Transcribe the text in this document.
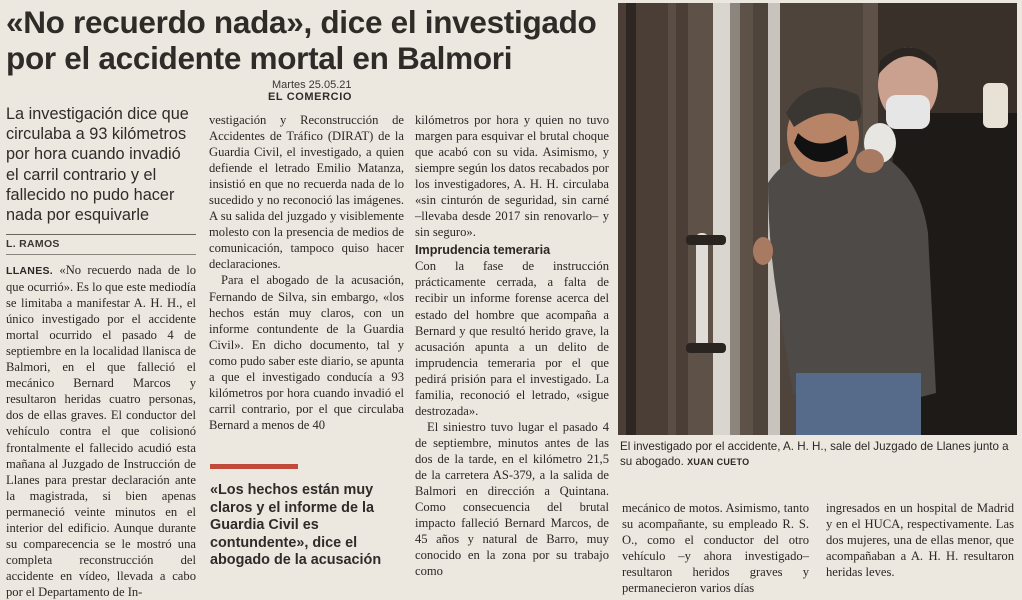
«No recuerdo nada», dice el investigado
por el accidente mortal en Balmori
Martes 25.05.21
EL COMERCIO

La investigación dice que circulaba a 93 kilómetros por hora cuando invadió el carril contrario y el fallecido no pudo hacer nada por esquivarle

L. RAMOS

LLANES. «No recuerdo nada de lo que ocurrió». Es lo que este mediodía se limitaba a manifestar A. H. H., el único investigado por el accidente mortal ocurrido el pasado 4 de septiembre en la localidad llanisca de Balmori, en el que falleció el mecánico Bernard Marcos y resultaron heridas cuatro personas, dos de ellas graves. El conductor del vehículo contra el que colisionó frontalmente el fallecido acudió esta mañana al Juzgado de Instrucción de Llanes para prestar declaración ante la magistrada, si bien apenas permaneció veinte minutos en el interior del edificio. Aunque durante su comparecencia se le mostró una completa reconstrucción del accidente en vídeo, llevada a cabo por el Departamento de In-

vestigación y Reconstrucción de Accidentes de Tráfico (DIRAT) de la Guardia Civil, el investigado, a quien defiende el letrado Emilio Matanza, insistió en que no recuerda nada de lo sucedido y no reconoció las imágenes. A su salida del juzgado y visiblemente molesto con la presencia de medios de comunicación, tampoco quiso hacer declaraciones.

Para el abogado de la acusación, Fernando de Silva, sin embargo, «los hechos están muy claros, con un informe contundente de la Guardia Civil». En dicho documento, tal y como pudo saber este diario, se apunta a que el investigado conducía a 93 kilómetros por hora cuando invadió el carril contrario, por el que circulaba Bernard a menos de 40

«Los hechos están muy claros y el informe de la Guardia Civil es contundente», dice el abogado de la acusación

kilómetros por hora y quien no tuvo margen para esquivar el brutal choque que acabó con su vida. Asimismo, y siempre según los datos recabados por los investigadores, A. H. H. circulaba «sin cinturón de seguridad, sin carné –llevaba desde 2017 sin renovarlo– y sin seguro».

Imprudencia temeraria

Con la fase de instrucción prácticamente cerrada, a falta de recibir un informe forense acerca del estado del hombre que acompaña a Bernard y que resultó herido grave, la acusación apunta a un delito de imprudencia temeraria por el que pedirá prisión para el investigado. La familia, reconoció el letrado, «sigue destrozada».

El siniestro tuvo lugar el pasado 4 de septiembre, minutos antes de las dos de la tarde, en el kilómetro 21,5 de la carretera AS-379, a la salida de Balmori en dirección a Quintana. Como consecuencia del brutal impacto falleció Bernard Marcos, de 45 años y natural de Barro, muy conocido en la zona por su trabajo como

El investigado por el accidente, A. H. H., sale del Juzgado de Llanes junto a su abogado. XUAN CUETO

mecánico de motos. Asimismo, tanto su acompañante, su empleado R. S. O., como el conductor del otro vehículo –y ahora investigado– resultaron heridos graves y permanecieron varios días

ingresados en un hospital de Madrid y en el HUCA, respectivamente. Las dos mujeres, una de ellas menor, que acompañaban a A. H. H. resultaron heridas leves.
